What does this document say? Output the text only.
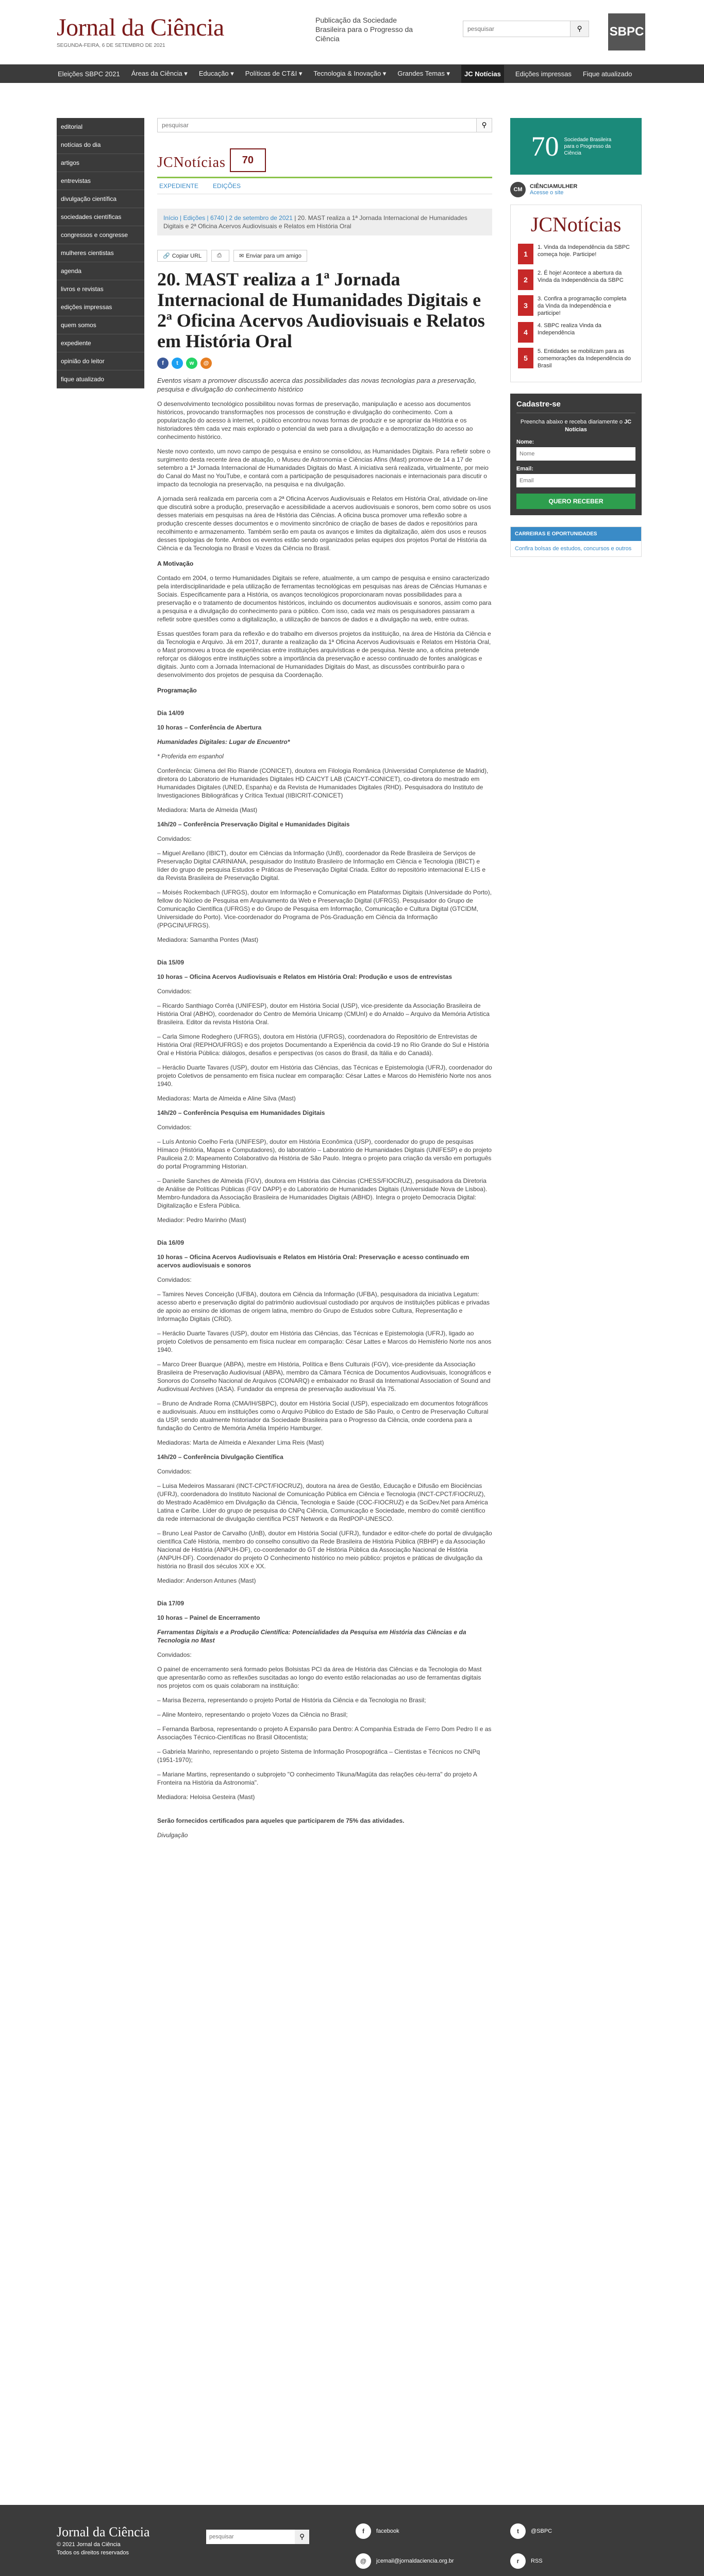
Jornal da Ciência
SEGUNDA-FEIRA, 6 DE SETEMBRO DE 2021
Publicação da Sociedade Brasileira para o Progresso da Ciência
pesquisar
⚲	SBPC
Eleições SBPC 2021 Áreas da Ciência ▾ Educação ▾ Políticas de CT&I ▾ Tecnologia & Inovação ▾ Grandes Temas ▾	JC Notícias	Edições impressas Fique atualizado
editorial
notícias do dia
artigos
entrevistas
divulgação científica
sociedades científicas
congressos e congresse
mulheres cientistas
agenda
livros e revistas
edições impressas
quem somos
expediente
opinião do leitor
fique atualizado
pesquisar
⚲
JCNotícias	70
EXPEDIENTE EDIÇÕES
Início | Edições | 6740 | 2 de setembro de 2021 | 20. MAST realiza a 1ª Jornada Internacional de Humanidades Digitais e 2ª Oficina Acervos Audiovisuais e Relatos em História Oral
🔗 Copiar URL	⎙	✉ Enviar para um amigo
20. MAST realiza a 1ª Jornada Internacional de Humanidades Digitais e 2ª Oficina Acervos Audiovisuais e Relatos em História Oral
f	t	w	@

Eventos visam a promover discussão acerca das possibilidades das novas tecnologias para a preservação, pesquisa e divulgação do conhecimento histórico

O desenvolvimento tecnológico possibilitou novas formas de preservação, manipulação e acesso aos documentos históricos, provocando transformações nos processos de construção e divulgação do conhecimento. Com a popularização do acesso à internet, o público encontrou novas formas de produzir e se apropriar da História e os historiadores têm cada vez mais explorado o potencial da web para a divulgação e a democratização do acesso ao conhecimento histórico.

Neste novo contexto, um novo campo de pesquisa e ensino se consolidou, as Humanidades Digitais. Para refletir sobre o surgimento desta recente área de atuação, o Museu de Astronomia e Ciências Afins (Mast) promove de 14 a 17 de setembro a 1ª Jornada Internacional de Humanidades Digitais do Mast. A iniciativa será realizada, virtualmente, por meio do Canal do Mast no YouTube, e contará com a participação de pesquisadores nacionais e internacionais para discutir o impacto da tecnologia na preservação, na pesquisa e na divulgação.

A jornada será realizada em parceria com a 2ª Oficina Acervos Audiovisuais e Relatos em História Oral, atividade on-line que discutirá sobre a produção, preservação e acessibilidade a acervos audiovisuais e sonoros, bem como sobre os usos desses materiais em pesquisas na área de História das Ciências. A oficina busca promover uma reflexão sobre a produção crescente desses documentos e o movimento sincrônico de criação de bases de dados e repositórios para recolhimento e armazenamento. Também serão em pauta os avanços e limites da digitalização, além dos usos e reusos desses tipologias de fonte. Ambos os eventos estão sendo organizados pelas equipes dos projetos Portal de História da Ciência e da Tecnologia no Brasil e Vozes da Ciência no Brasil.

A Motivação

Contado em 2004, o termo Humanidades Digitais se refere, atualmente, a um campo de pesquisa e ensino caracterizado pela interdisciplinaridade e pela utilização de ferramentas tecnológicas em pesquisas nas áreas de Ciências Humanas e Sociais. Especificamente para a História, os avanços tecnológicos proporcionaram novas possibilidades para a preservação e o tratamento de documentos históricos, incluindo os documentos audiovisuais e sonoros, assim como para a pesquisa e a divulgação do conhecimento para o público. Com isso, cada vez mais os pesquisadores passaram a refletir sobre questões como a digitalização, a utilização de bancos de dados e a divulgação na web, entre outras.

Essas questões foram para da reflexão e do trabalho em diversos projetos da instituição, na área de História da Ciência e da Tecnologia e Arquivo. Já em 2017, durante a realização da 1ª Oficina Acervos Audiovisuais e Relatos em História Oral, o Mast promoveu a troca de experiências entre instituições arquivísticas e de pesquisa. Neste ano, a oficina pretende reforçar os diálogos entre instituições sobre a importância da preservação e acesso continuado de fontes analógicas e digitais. Junto com a Jornada Internacional de Humanidades Digitais do Mast, as discussões contribuirão para o desenvolvimento dos projetos de pesquisa da Coordenação.

Programação

Dia 14/09

10 horas – Conferência de Abertura

Humanidades Digitales: Lugar de Encuentro*

* Proferida em espanhol

Conferência: Gimena del Rio Riande (CONICET), doutora em Filologia Românica (Universidad Complutense de Madrid), diretora do Laboratorio de Humanidades Digitales HD CAICYT LAB (CAICYT-CONICET), co-diretora do mestrado em Humanidades Digitales (UNED, Espanha) e da Revista de Humanidades Digitales (RHD). Pesquisadora do Instituto de Investigaciones Bibliográficas y Crítica Textual (IIBICRIT-CONICET)

Mediadora: Marta de Almeida (Mast)

14h/20 – Conferência Preservação Digital e Humanidades Digitais

Convidados:

– Miguel Arellano (IBICT), doutor em Ciências da Informação (UnB), coordenador da Rede Brasileira de Serviços de Preservação Digital CARINIANA, pesquisador do Instituto Brasileiro de Informação em Ciência e Tecnologia (IBICT) e líder do grupo de pesquisa Estudos e Práticas de Preservação Digital Criada. Editor do repositório internacional E-LIS e da Revista Brasileira de Preservação Digital.

– Moisés Rockembach (UFRGS), doutor em Informação e Comunicação em Plataformas Digitais (Universidade do Porto), fellow do Núcleo de Pesquisa em Arquivamento da Web e Preservação Digital (UFRGS). Pesquisador do Grupo de Comunicação Científica (UFRGS) e do Grupo de Pesquisa em Informação, Comunicação e Cultura Digital (GTCIDM, Universidade do Porto). Vice-coordenador do Programa de Pós-Graduação em Ciência da Informação (PPGCIN/UFRGS).

Mediadora: Samantha Pontes (Mast)

Dia 15/09

10 horas – Oficina Acervos Audiovisuais e Relatos em História Oral: Produção e usos de entrevistas

Convidados:

– Ricardo Santhiago Corrêa (UNIFESP), doutor em História Social (USP), vice-presidente da Associação Brasileira de História Oral (ABHO), coordenador do Centro de Memória Unicamp (CMUnI) e do Arnaldo – Arquivo da Memória Artística Brasileira. Editor da revista História Oral.

– Carla Simone Rodeghero (UFRGS), doutora em História (UFRGS), coordenadora do Repositório de Entrevistas de História Oral (REPHO/UFRGS) e dos projetos Documentando a Experiência da covid-19 no Rio Grande do Sul e História Oral e História Pública: diálogos, desafios e perspectivas (os casos do Brasil, da Itália e do Canadá).

– Heráclio Duarte Tavares (USP), doutor em História das Ciências, das Técnicas e Epistemologia (UFRJ), coordenador do projeto Coletivos de pensamento em física nuclear em comparação: César Lattes e Marcos do Hemisfério Norte nos anos 1940.

Mediadoras: Marta de Almeida e Aline Silva (Mast)

14h/20 – Conferência Pesquisa em Humanidades Digitais

Convidados:

– Luís Antonio Coelho Ferla (UNIFESP), doutor em História Econômica (USP), coordenador do grupo de pesquisas Hímaco (História, Mapas e Computadores), do laboratório – Laboratório de Humanidades Digitais (UNIFESP) e do projeto Pauliceia 2.0: Mapeamento Colaborativo da História de São Paulo. Integra o projeto para criação da versão em português do portal Programming Historian.

– Danielle Sanches de Almeida (FGV), doutora em História das Ciências (CHESS/FIOCRUZ), pesquisadora da Diretoria de Análise de Políticas Públicas (FGV DAPP) e do Laboratório de Humanidades Digitais (Universidade Nova de Lisboa). Membro-fundadora da Associação Brasileira de Humanidades Digitais (ABHD). Integra o projeto Democracia Digital: Digitalização e Esfera Pública.

Mediador: Pedro Marinho (Mast)

Dia 16/09

10 horas – Oficina Acervos Audiovisuais e Relatos em História Oral: Preservação e acesso continuado em acervos audiovisuais e sonoros

Convidados:

– Tamires Neves Conceição (UFBA), doutora em Ciência da Informação (UFBA), pesquisadora da iniciativa Legatum: acesso aberto e preservação digital do patrimônio audiovisual custodiado por arquivos de instituições públicas e privadas de apoio ao ensino de idiomas de origem latina, membro do Grupo de Estudos sobre Cultura, Representação e Informação Digitais (CRiD).

– Heráclio Duarte Tavares (USP), doutor em História das Ciências, das Técnicas e Epistemologia (UFRJ), ligado ao projeto Coletivos de pensamento em física nuclear em comparação: César Lattes e Marcos do Hemisfério Norte nos anos 1940.

– Marco Dreer Buarque (ABPA), mestre em História, Política e Bens Culturais (FGV), vice-presidente da Associação Brasileira de Preservação Audiovisual (ABPA), membro da Câmara Técnica de Documentos Audiovisuais, Iconográficos e Sonoros do Conselho Nacional de Arquivos (CONARQ) e embaixador no Brasil da International Association of Sound and Audiovisual Archives (IASA). Fundador da empresa de preservação audiovisual Via 75.

– Bruno de Andrade Roma (CMA/IH/SBPC), doutor em História Social (USP), especializado em documentos fotográficos e audiovisuais. Atuou em instituições como o Arquivo Público do Estado de São Paulo, o Centro de Preservação Cultural da USP, sendo atualmente historiador da Sociedade Brasileira para o Progresso da Ciência, onde coordena para a fundação do Centro de Memória Amélia Império Hamburger.

Mediadoras: Marta de Almeida e Alexander Lima Reis (Mast)

14h/20 – Conferência Divulgação Científica

Convidados:

– Luisa Medeiros Massarani (INCT-CPCT/FIOCRUZ), doutora na área de Gestão, Educação e Difusão em Biociências (UFRJ), coordenadora do Instituto Nacional de Comunicação Pública em Ciência e Tecnologia (INCT-CPCT/FIOCRUZ), do Mestrado Acadêmico em Divulgação da Ciência, Tecnologia e Saúde (COC-FIOCRUZ) e da SciDev.Net para América Latina e Caribe. Líder do grupo de pesquisa do CNPq Ciência, Comunicação e Sociedade, membro do comitê científico da rede internacional de divulgação científica PCST Network e da RedPOP-UNESCO.

– Bruno Leal Pastor de Carvalho (UnB), doutor em História Social (UFRJ), fundador e editor-chefe do portal de divulgação científica Café História, membro do conselho consultivo da Rede Brasileira de História Pública (RBHP) e da Associação Nacional de História (ANPUH-DF), co-coordenador do GT de História Pública da Associação Nacional de História (ANPUH-DF). Coordenador do projeto O Conhecimento histórico no meio público: projetos e práticas de divulgação da história no Brasil dos séculos XIX e XX.

Mediador: Anderson Antunes (Mast)

Dia 17/09

10 horas – Painel de Encerramento

Ferramentas Digitais e a Produção Científica: Potencialidades da Pesquisa em História das Ciências e da Tecnologia no Mast

Convidados:

O painel de encerramento será formado pelos Bolsistas PCI da área de História das Ciências e da Tecnologia do Mast que apresentarão como as reflexões suscitadas ao longo do evento estão relacionadas ao uso de ferramentas digitais nos projetos com os quais colaboram na instituição:

– Marisa Bezerra, representando o projeto Portal de História da Ciência e da Tecnologia no Brasil;

– Aline Monteiro, representando o projeto Vozes da Ciência no Brasil;

– Fernanda Barbosa, representando o projeto A Expansão para Dentro: A Companhia Estrada de Ferro Dom Pedro II e as Associações Técnico-Científicas no Brasil Oitocentista;

– Gabriela Marinho, representando o projeto Sistema de Informação Prosopográfica – Cientistas e Técnicos no CNPq (1951-1970);

– Mariane Martins, representando o subprojeto "O conhecimento Tikuna/Magüta das relações céu-terra" do projeto A Fronteira na História da Astronomia".

Mediadora: Heloisa Gesteira (Mast)

Serão fornecidos certificados para aqueles que participarem de 75% das atividades.

Divulgação

70 Sociedade Brasileira para o Progresso da Ciência
CM	CIÊNCIAMULHER
Acesse o site
JCNotícias
1
1. Vinda da Independência da SBPC começa hoje. Participe!
2
2. É hoje! Acontece a abertura da Vinda da Independência da SBPC
3
3. Confira a programação completa da Vinda da Independência e participe!
4
4. SBPC realiza Vinda da Independência
5
5. Entidades se mobilizam para as comemorações da Independência do Brasil
Cadastre-se

Preencha abaixo e receba diariamente o JC Notícias

Nome:
Nome
Email:
Email QUERO RECEBER
CARREIRAS E OPORTUNIDADES
Confira bolsas de estudos, concursos e outros
Jornal da Ciência
© 2021 Jornal da Ciência
Todos os direitos reservados
pesquisar
⚲
f	facebook	t	@SBPC
@	jcemail@jornaldaciencia.org.br	r	RSS
